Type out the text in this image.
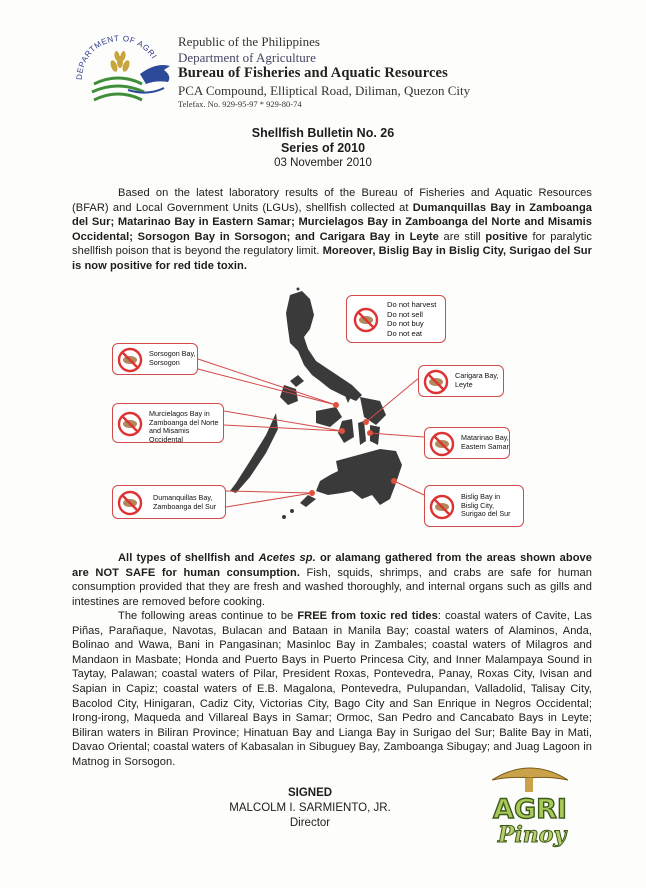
DEPARTMENT OF AGRI
Republic of the Philippines
Department of Agriculture
Bureau of Fisheries and Aquatic Resources
PCA Compound, Elliptical Road, Diliman, Quezon City
Telefax. No. 929-95-97 * 929-80-74
Shellfish Bulletin No. 26
Series of 2010
03 November 2010
Based on the latest laboratory results of the Bureau of Fisheries and Aquatic Resources (BFAR) and Local Government Units (LGUs), shellfish collected at Dumanquillas Bay in Zamboanga del Sur; Matarinao Bay in Eastern Samar; Murcielagos Bay in Zamboanga del Norte and Misamis Occidental; Sorsogon Bay in Sorsogon; and Carigara Bay in Leyte are still positive for paralytic shellfish poison that is beyond the regulatory limit. Moreover, Bislig Bay in Bislig City, Surigao del Sur is now positive for red tide toxin.
Do not harvest
Do not sell
Do not buy
Do not eat
Sorsogon Bay,
Sorsogon
Carigara Bay,
Leyte
Murcielagos Bay in
Zamboanga del Norte
and Misamis Occidental	Matarinao Bay,
Eastern Samar
Dumanquillas Bay,
Zamboanga del Sur
Bislig Bay in
Bislig City,
Surigao del Sur
All types of shellfish and Acetes sp. or alamang gathered from the areas shown above are NOT SAFE for human consumption. Fish, squids, shrimps, and crabs are safe for human consumption provided that they are fresh and washed thoroughly, and internal organs such as gills and intestines are removed before cooking.
The following areas continue to be FREE from toxic red tides: coastal waters of Cavite, Las Piñas, Parañaque, Navotas, Bulacan and Bataan in Manila Bay; coastal waters of Alaminos, Anda, Bolinao and Wawa, Bani in Pangasinan; Masinloc Bay in Zambales; coastal waters of Milagros and Mandaon in Masbate; Honda and Puerto Bays in Puerto Princesa City, and Inner Malampaya Sound in Taytay, Palawan; coastal waters of Pilar, President Roxas, Pontevedra, Panay, Roxas City, Ivisan and Sapian in Capiz; coastal waters of E.B. Magalona, Pontevedra, Pulupandan, Valladolid, Talisay City, Bacolod City, Hinigaran, Cadiz City, Victorias City, Bago City and San Enrique in Negros Occidental; Irong-irong, Maqueda and Villareal Bays in Samar; Ormoc, San Pedro and Cancabato Bays in Leyte; Biliran waters in Biliran Province; Hinatuan Bay and Lianga Bay in Surigao del Sur; Balite Bay in Mati, Davao Oriental; coastal waters of Kabasalan in Sibuguey Bay, Zamboanga Sibugay; and Juag Lagoon in Matnog in Sorsogon.
SIGNED
MALCOLM I. SARMIENTO, JR.
Director	AGRI
Pinoy
